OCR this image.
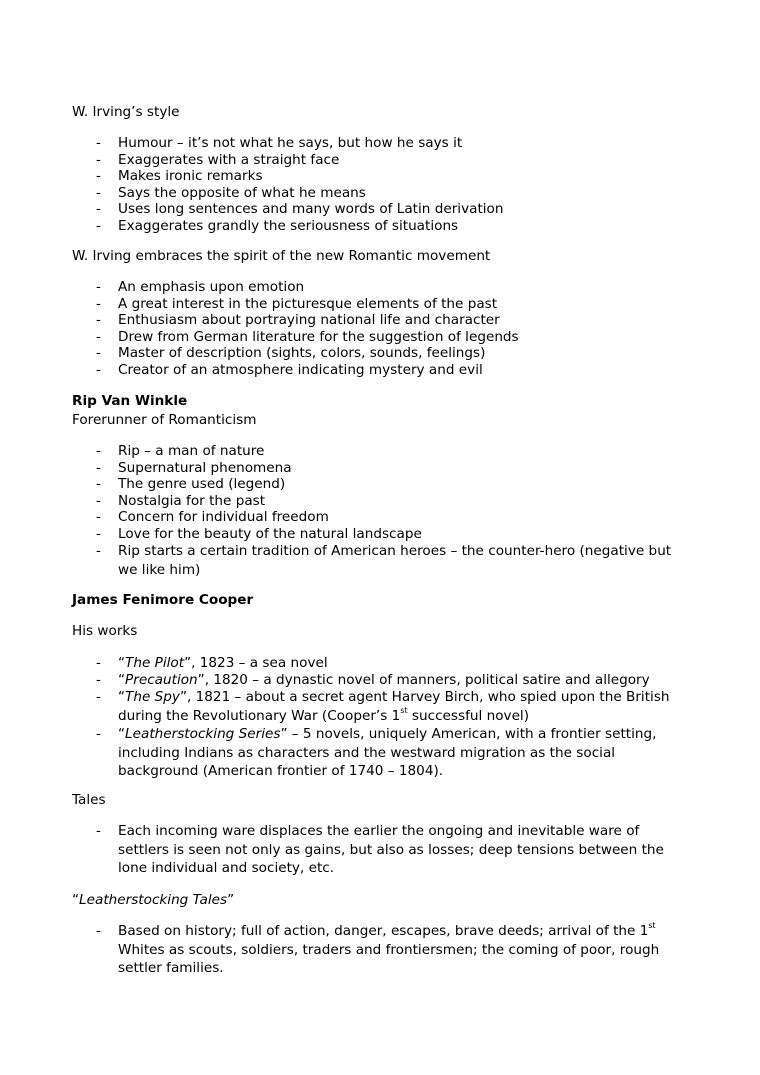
W. Irving’s style
- Humour – it’s not what he says, but how he says it
- Exaggerates with a straight face
- Makes ironic remarks
- Says the opposite of what he means
- Uses long sentences and many words of Latin derivation
- Exaggerates grandly the seriousness of situations
W. Irving embraces the spirit of the new Romantic movement
- An emphasis upon emotion
- A great interest in the picturesque elements of the past
- Enthusiasm about portraying national life and character
- Drew from German literature for the suggestion of legends
- Master of description (sights, colors, sounds, feelings)
- Creator of an atmosphere indicating mystery and evil
Rip Van Winkle
Forerunner of Romanticism
- Rip – a man of nature
- Supernatural phenomena
- The genre used (legend)
- Nostalgia for the past
- Concern for individual freedom
- Love for the beauty of the natural landscape
- Rip starts a certain tradition of American heroes – the counter-hero (negative but we like him)
James Fenimore Cooper
His works
- “The Pilot”, 1823 – a sea novel
- “Precaution”, 1820 – a dynastic novel of manners, political satire and allegory
- “The Spy”, 1821 – about a secret agent Harvey Birch, who spied upon the British during the Revolutionary War (Cooper’s 1st successful novel)
- “Leatherstocking Series” – 5 novels, uniquely American, with a frontier setting, including Indians as characters and the westward migration as the social background (American frontier of 1740 – 1804).
Tales
- Each incoming ware displaces the earlier the ongoing and inevitable ware of settlers is seen not only as gains, but also as losses; deep tensions between the lone individual and society, etc.
“Leatherstocking Tales”
- Based on history; full of action, danger, escapes, brave deeds; arrival of the 1st Whites as scouts, soldiers, traders and frontiersmen; the coming of poor, rough settler families.
